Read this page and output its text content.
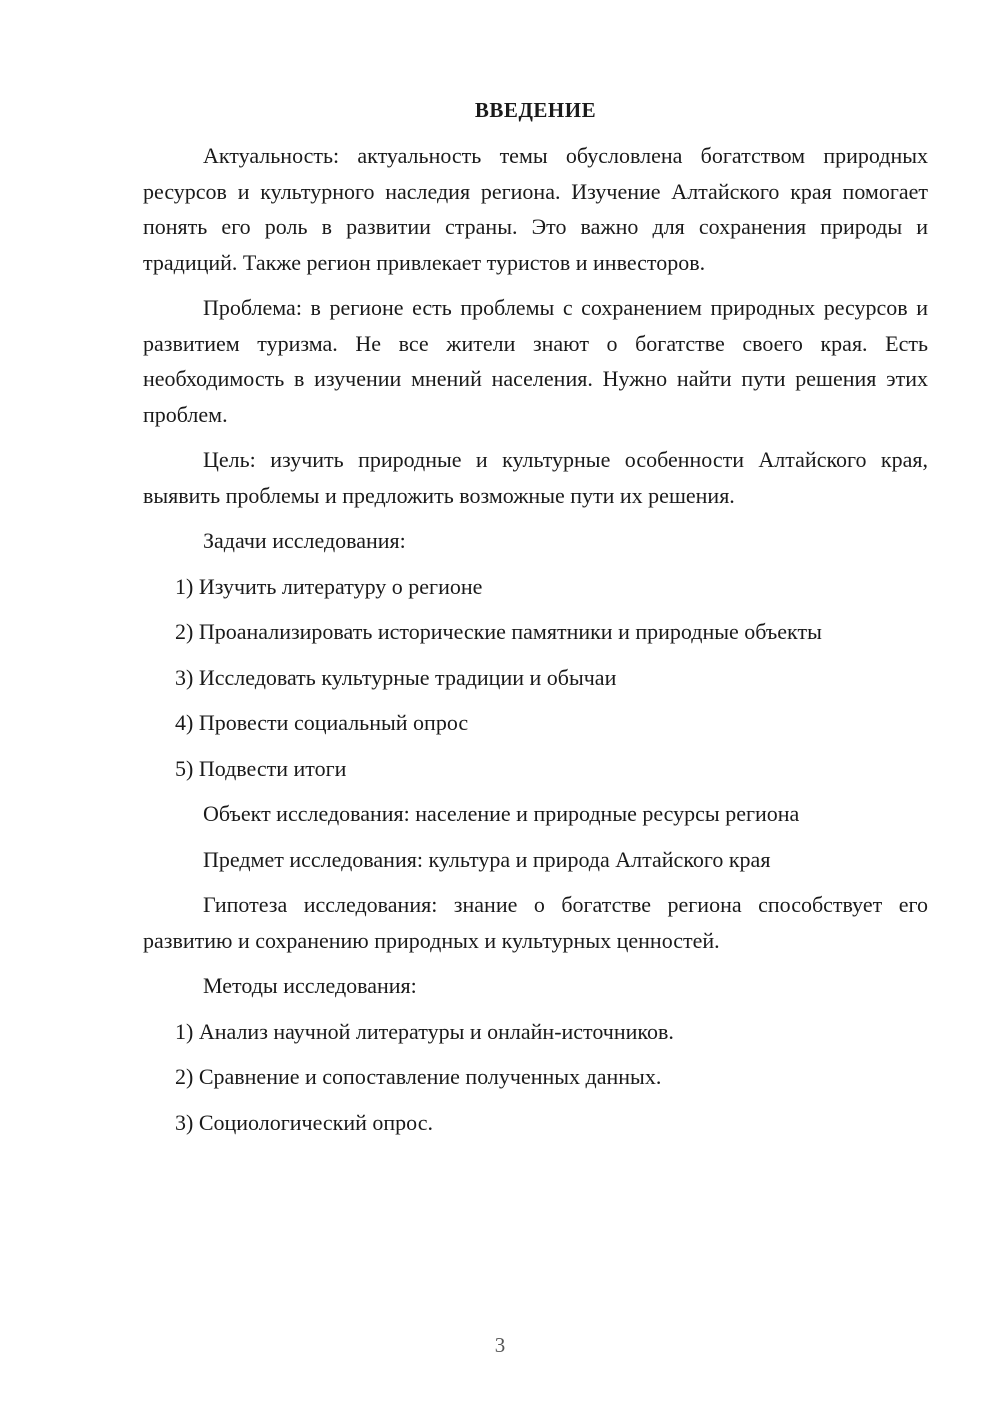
ВВЕДЕНИЕ

Актуальность: актуальность темы обусловлена богатством природных ресурсов и культурного наследия региона. Изучение Алтайского края помогает понять его роль в развитии страны. Это важно для сохранения природы и традиций. Также регион привлекает туристов и инвесторов.

Проблема: в регионе есть проблемы с сохранением природных ресурсов и развитием туризма. Не все жители знают о богатстве своего края. Есть необходимость в изучении мнений населения. Нужно найти пути решения этих проблем.

Цель: изучить природные и культурные особенности Алтайского края, выявить проблемы и предложить возможные пути их решения.

Задачи исследования:
1) Изучить литературу о регионе
2) Проанализировать исторические памятники и природные объекты
3) Исследовать культурные традиции и обычаи
4) Провести социальный опрос
5) Подвести итоги
Объект исследования: население и природные ресурсы региона
Предмет исследования: культура и природа Алтайского края

Гипотеза исследования: знание о богатстве региона способствует его развитию и сохранению природных и культурных ценностей.

Методы исследования:
1) Анализ научной литературы и онлайн-источников.
2) Сравнение и сопоставление полученных данных.
3) Социологический опрос.
3
